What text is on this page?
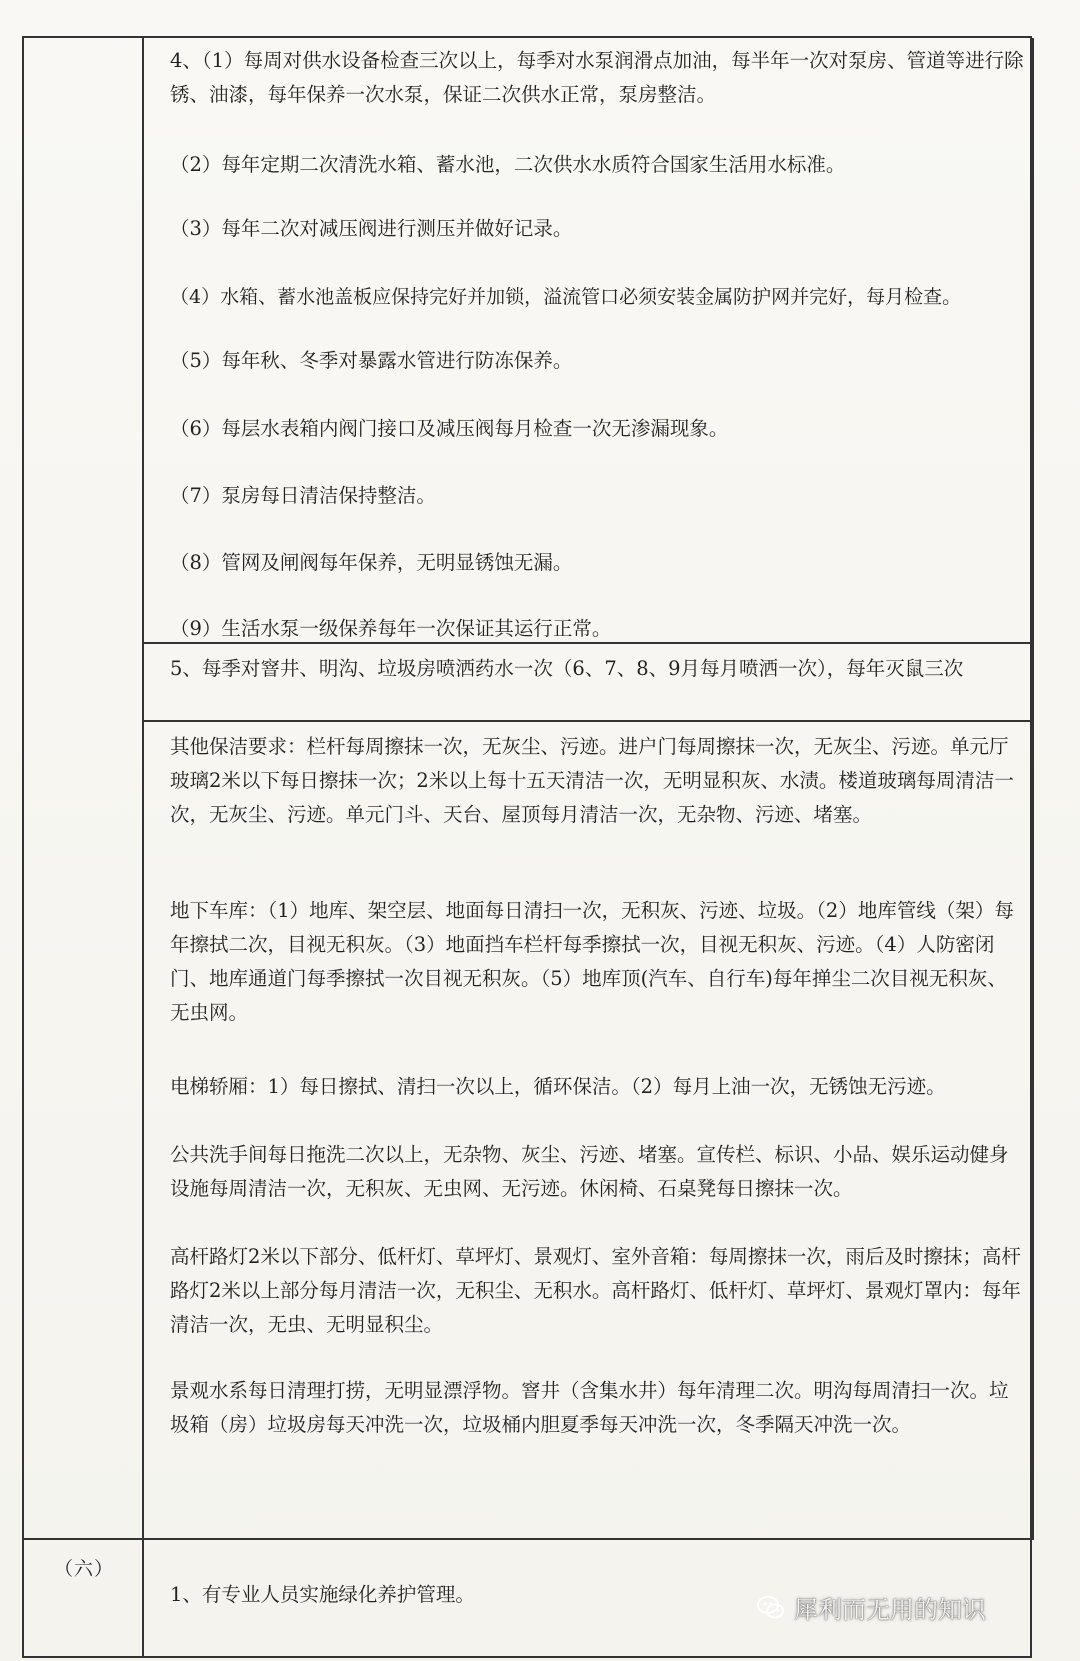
（六）

4、（1）每周对供水设备检查三次以上，每季对水泵润滑点加油，每半年一次对泵房、管道等进行除锈、油漆，每年保养一次水泵，保证二次供水正常，泵房整洁。

（2）每年定期二次清洗水箱、蓄水池，二次供水水质符合国家生活用水标准。

（3）每年二次对减压阀进行测压并做好记录。

（4）水箱、蓄水池盖板应保持完好并加锁，溢流管口必须安装金属防护网并完好，每月检查。

（5）每年秋、冬季对暴露水管进行防冻保养。

（6）每层水表箱内阀门接口及减压阀每月检查一次无渗漏现象。

（7）泵房每日清洁保持整洁。

（8）管网及闸阀每年保养，无明显锈蚀无漏。

（9）生活水泵一级保养每年一次保证其运行正常。

5、每季对窨井、明沟、垃圾房喷洒药水一次（6、7、8、9月每月喷洒一次），每年灭鼠三次

其他保洁要求：栏杆每周擦抹一次，无灰尘、污迹。进户门每周擦抹一次，无灰尘、污迹。单元厅玻璃2米以下每日擦抹一次；2米以上每十五天清洁一次，无明显积灰、水渍。楼道玻璃每周清洁一次，无灰尘、污迹。单元门斗、天台、屋顶每月清洁一次，无杂物、污迹、堵塞。

地下车库：（1）地库、架空层、地面每日清扫一次，无积灰、污迹、垃圾。（2）地库管线（架）每年擦拭二次，目视无积灰。（3）地面挡车栏杆每季擦拭一次，目视无积灰、污迹。（4）人防密闭门、地库通道门每季擦拭一次目视无积灰。（5）地库顶(汽车、自行车)每年掸尘二次目视无积灰、无虫网。

电梯轿厢：1）每日擦拭、清扫一次以上，循环保洁。（2）每月上油一次，无锈蚀无污迹。

公共洗手间每日拖洗二次以上，无杂物、灰尘、污迹、堵塞。宣传栏、标识、小品、娱乐运动健身设施每周清洁一次，无积灰、无虫网、无污迹。休闲椅、石桌凳每日擦抹一次。

高杆路灯2米以下部分、低杆灯、草坪灯、景观灯、室外音箱：每周擦抹一次，雨后及时擦抹；高杆路灯2米以上部分每月清洁一次，无积尘、无积水。高杆路灯、低杆灯、草坪灯、景观灯罩内：每年清洁一次，无虫、无明显积尘。

景观水系每日清理打捞，无明显漂浮物。窨井（含集水井）每年清理二次。明沟每周清扫一次。垃圾箱（房）垃圾房每天冲洗一次，垃圾桶内胆夏季每天冲洗一次，冬季隔天冲洗一次。

1、有专业人员实施绿化养护管理。

犀利而无用的知识
